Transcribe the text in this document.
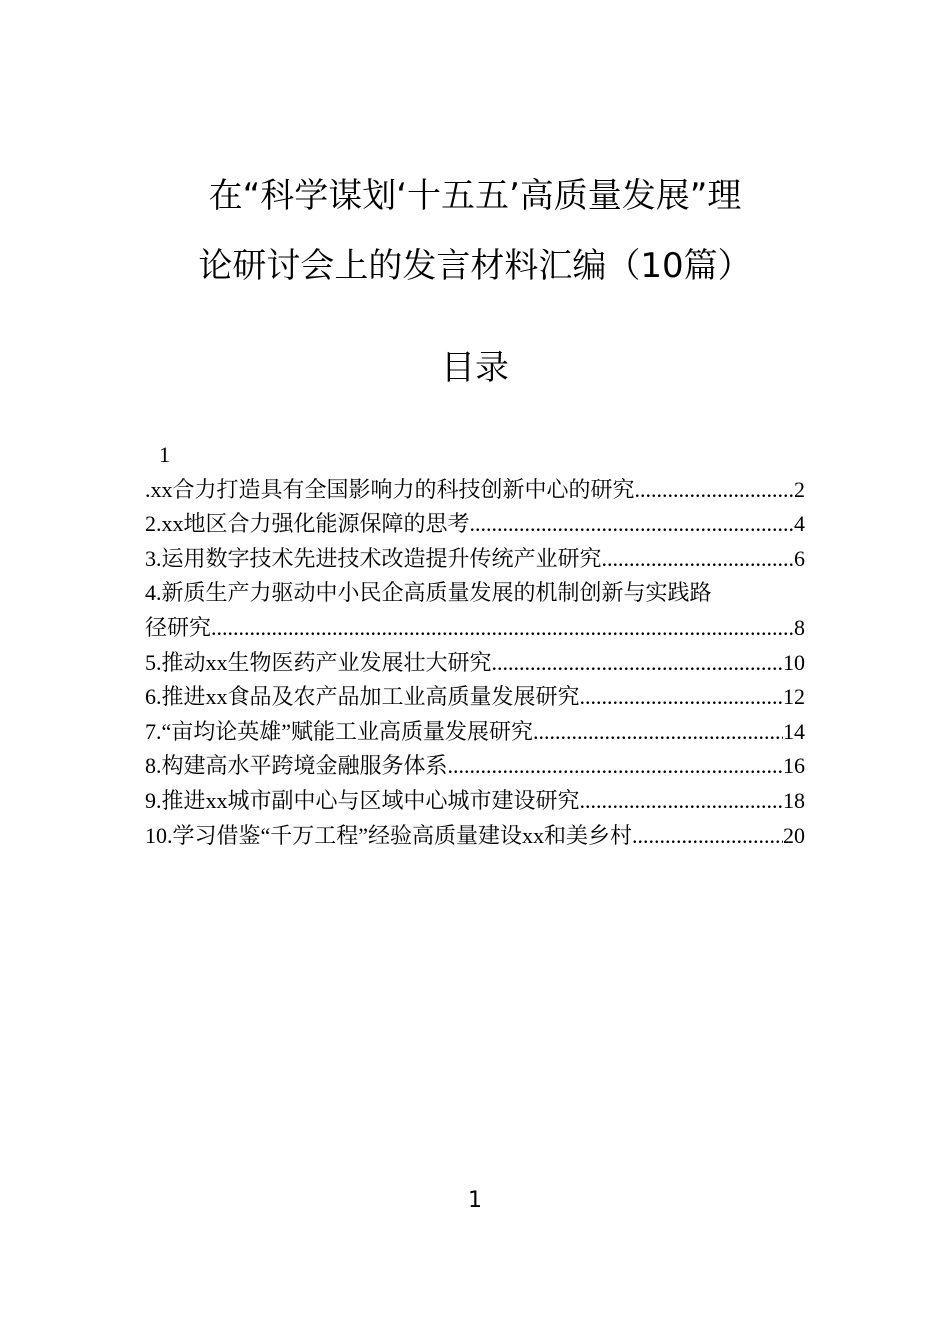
在“科学谋划‘十五五’高质量发展”理
论研讨会上的发言材料汇编（10篇）
目录
1
.xx合力打造具有全国影响力的科技创新中心的研究 .....	2
2.xx地区合力强化能源保障的思考 .....	4
3.运用数字技术先进技术改造提升传统产业研究 .....	6
4.新质生产力驱动中小民企高质量发展的机制创新与实践路
径研究 .....	8
5.推动xx生物医药产业发展壮大研究 .....	10
6.推进xx食品及农产品加工业高质量发展研究 .....	12
7.“亩均论英雄”赋能工业高质量发展研究 .....	14
8.构建高水平跨境金融服务体系 .....	16
9.推进xx城市副中心与区域中心城市建设研究 .....	18
10.学习借鉴“千万工程”经验高质量建设xx和美乡村 .....	20
1
